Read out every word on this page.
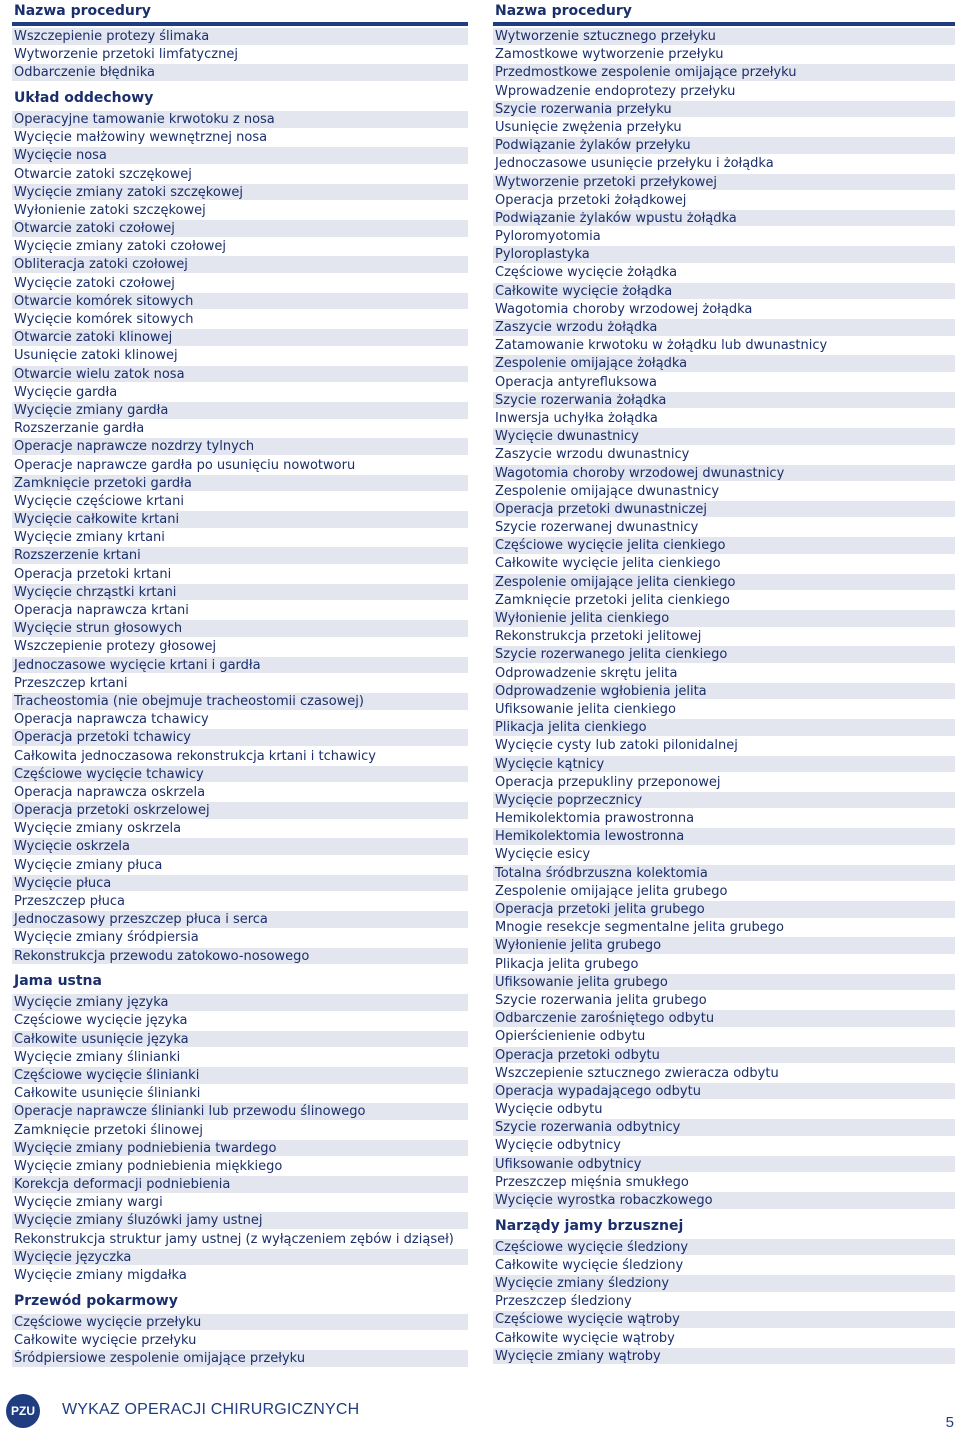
Nazwa procedury
Wszczepienie protezy ślimaka
Wytworzenie przetoki limfatycznej
Odbarczenie błędnika
Układ oddechowy
Operacyjne tamowanie krwotoku z nosa
Wycięcie małżowiny wewnętrznej nosa
Wycięcie nosa
Otwarcie zatoki szczękowej
Wycięcie zmiany zatoki szczękowej
Wyłonienie zatoki szczękowej
Otwarcie zatoki czołowej
Wycięcie zmiany zatoki czołowej
Obliteracja zatoki czołowej
Wycięcie zatoki czołowej
Otwarcie komórek sitowych
Wycięcie komórek sitowych
Otwarcie zatoki klinowej
Usunięcie zatoki klinowej
Otwarcie wielu zatok nosa
Wycięcie gardła
Wycięcie zmiany gardła
Rozszerzanie gardła
Operacje naprawcze nozdrzy tylnych
Operacje naprawcze gardła po usunięciu nowotworu
Zamknięcie przetoki gardła
Wycięcie częściowe krtani
Wycięcie całkowite krtani
Wycięcie zmiany krtani
Rozszerzenie krtani
Operacja przetoki krtani
Wycięcie chrząstki krtani
Operacja naprawcza krtani
Wycięcie strun głosowych
Wszczepienie protezy głosowej
Jednoczasowe wycięcie krtani i gardła
Przeszczep krtani
Tracheostomia (nie obejmuje tracheostomii czasowej)
Operacja naprawcza tchawicy
Operacja przetoki tchawicy
Całkowita jednoczasowa rekonstrukcja krtani i tchawicy
Częściowe wycięcie tchawicy
Operacja naprawcza oskrzela
Operacja przetoki oskrzelowej
Wycięcie zmiany oskrzela
Wycięcie oskrzela
Wycięcie zmiany płuca
Wycięcie płuca
Przeszczep płuca
Jednoczasowy przeszczep płuca i serca
Wycięcie zmiany śródpiersia
Rekonstrukcja przewodu zatokowo-nosowego
Jama ustna
Wycięcie zmiany języka
Częściowe wycięcie języka
Całkowite usunięcie języka
Wycięcie zmiany ślinianki
Częściowe wycięcie ślinianki
Całkowite usunięcie ślinianki
Operacje naprawcze ślinianki lub przewodu ślinowego
Zamknięcie przetoki ślinowej
Wycięcie zmiany podniebienia twardego
Wycięcie zmiany podniebienia miękkiego
Korekcja deformacji podniebienia
Wycięcie zmiany wargi
Wycięcie zmiany śluzówki jamy ustnej
Rekonstrukcja struktur jamy ustnej (z wyłączeniem zębów i dziąseł)
Wycięcie języczka
Wycięcie zmiany migdałka
Przewód pokarmowy
Częściowe wycięcie przełyku
Całkowite wycięcie przełyku
Śródpiersiowe zespolenie omijające przełyku
Nazwa procedury
Wytworzenie sztucznego przełyku
Zamostkowe wytworzenie przełyku
Przedmostkowe zespolenie omijające przełyku
Wprowadzenie endoprotezy przełyku
Szycie rozerwania przełyku
Usunięcie zwężenia przełyku
Podwiązanie żylaków przełyku
Jednoczasowe usunięcie przełyku i żołądka
Wytworzenie przetoki przełykowej
Operacja przetoki żołądkowej
Podwiązanie żylaków wpustu żołądka
Pyloromyotomia
Pyloroplastyka
Częściowe wycięcie żołądka
Całkowite wycięcie żołądka
Wagotomia choroby wrzodowej żołądka
Zaszycie wrzodu żołądka
Zatamowanie krwotoku w żołądku lub dwunastnicy
Zespolenie omijające żołądka
Operacja antyrefluksowa
Szycie rozerwania żołądka
Inwersja uchyłka żołądka
Wycięcie dwunastnicy
Zaszycie wrzodu dwunastnicy
Wagotomia choroby wrzodowej dwunastnicy
Zespolenie omijające dwunastnicy
Operacja przetoki dwunastniczej
Szycie rozerwanej dwunastnicy
Częściowe wycięcie jelita cienkiego
Całkowite wycięcie jelita cienkiego
Zespolenie omijające jelita cienkiego
Zamknięcie przetoki jelita cienkiego
Wyłonienie jelita cienkiego
Rekonstrukcja przetoki jelitowej
Szycie rozerwanego jelita cienkiego
Odprowadzenie skrętu jelita
Odprowadzenie wgłobienia jelita
Ufiksowanie jelita cienkiego
Plikacja jelita cienkiego
Wycięcie cysty lub zatoki pilonidalnej
Wycięcie kątnicy
Operacja przepukliny przeponowej
Wycięcie poprzecznicy
Hemikolektomia prawostronna
Hemikolektomia lewostronna
Wycięcie esicy
Totalna śródbrzuszna kolektomia
Zespolenie omijające jelita grubego
Operacja przetoki jelita grubego
Mnogie resekcje segmentalne jelita grubego
Wyłonienie jelita grubego
Plikacja jelita grubego
Ufiksowanie jelita grubego
Szycie rozerwania jelita grubego
Odbarczenie zarośniętego odbytu
Opierścienienie odbytu
Operacja przetoki odbytu
Wszczepienie sztucznego zwieracza odbytu
Operacja wypadającego odbytu
Wycięcie odbytu
Szycie rozerwania odbytnicy
Wycięcie odbytnicy
Ufiksowanie odbytnicy
Przeszczep mięśnia smukłego
Wycięcie wyrostka robaczkowego
Narządy jamy brzusznej
Częściowe wycięcie śledziony
Całkowite wycięcie śledziony
Wycięcie zmiany śledziony
Przeszczep śledziony
Częściowe wycięcie wątroby
Całkowite wycięcie wątroby
Wycięcie zmiany wątroby
PZU	WYKAZ OPERACJI CHIRURGICZNYCH
5
